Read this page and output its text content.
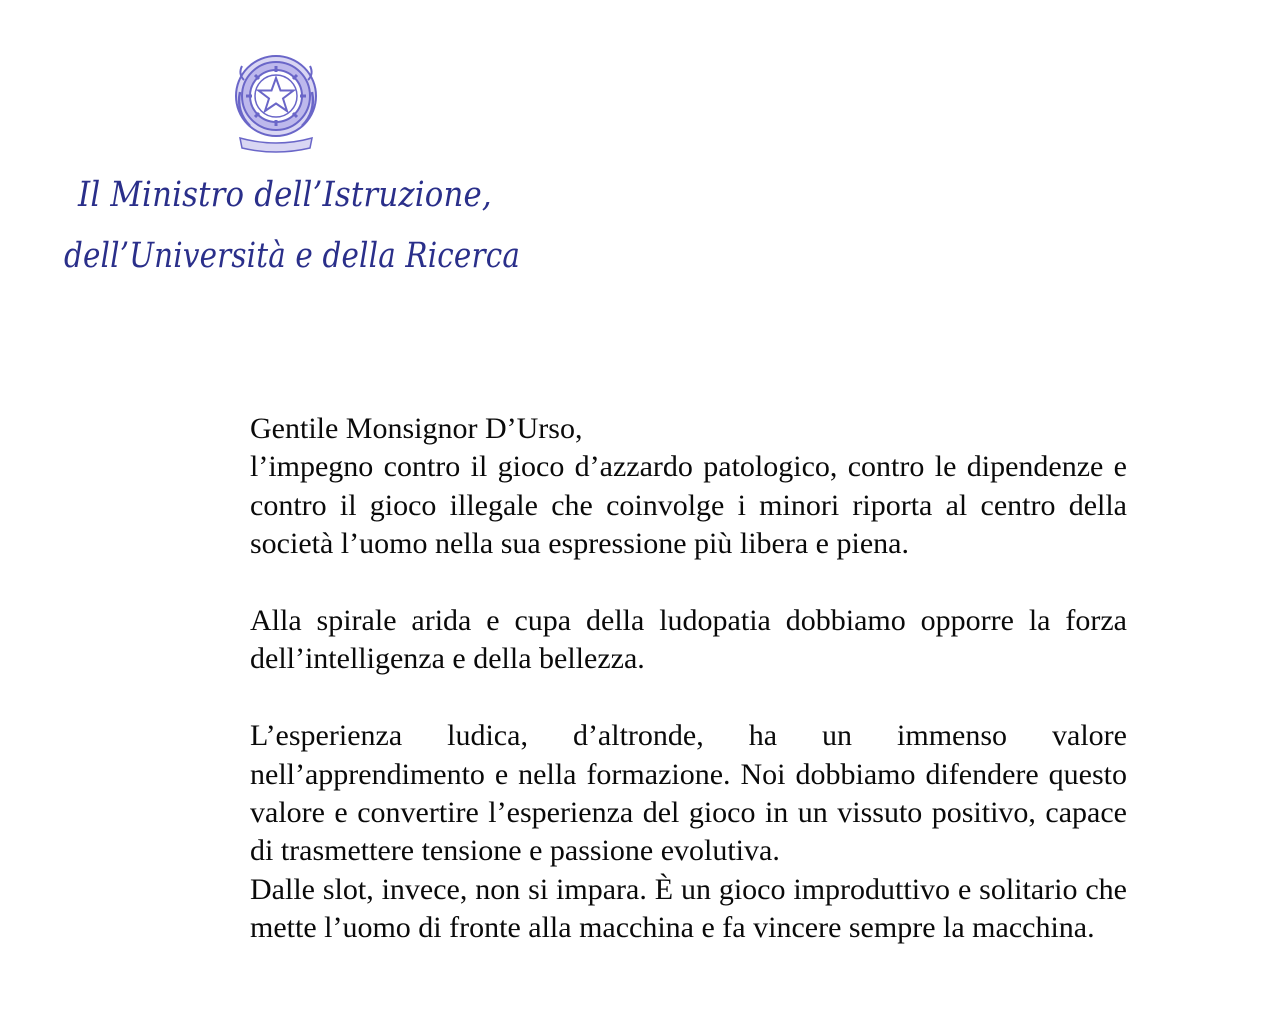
Il Ministro dell’Istruzione,
dell’Università e della Ricerca

Gentile Monsignor D’Urso,

l’impegno contro il gioco d’azzardo patologico, contro le dipendenze e contro il gioco illegale che coinvolge i minori riporta al centro della società l’uomo nella sua espressione più libera e piena.

Alla spirale arida e cupa della ludopatia dobbiamo opporre la forza dell’intelligenza e della bellezza.

L’esperienza ludica, d’altronde, ha un immenso valore nell’apprendimento e nella formazione. Noi dobbiamo difendere questo valore e convertire l’esperienza del gioco in un vissuto positivo, capace di trasmettere tensione e passione evolutiva.

Dalle slot, invece, non si impara. È un gioco improduttivo e solitario che mette l’uomo di fronte alla macchina e fa vincere sempre la macchina.
